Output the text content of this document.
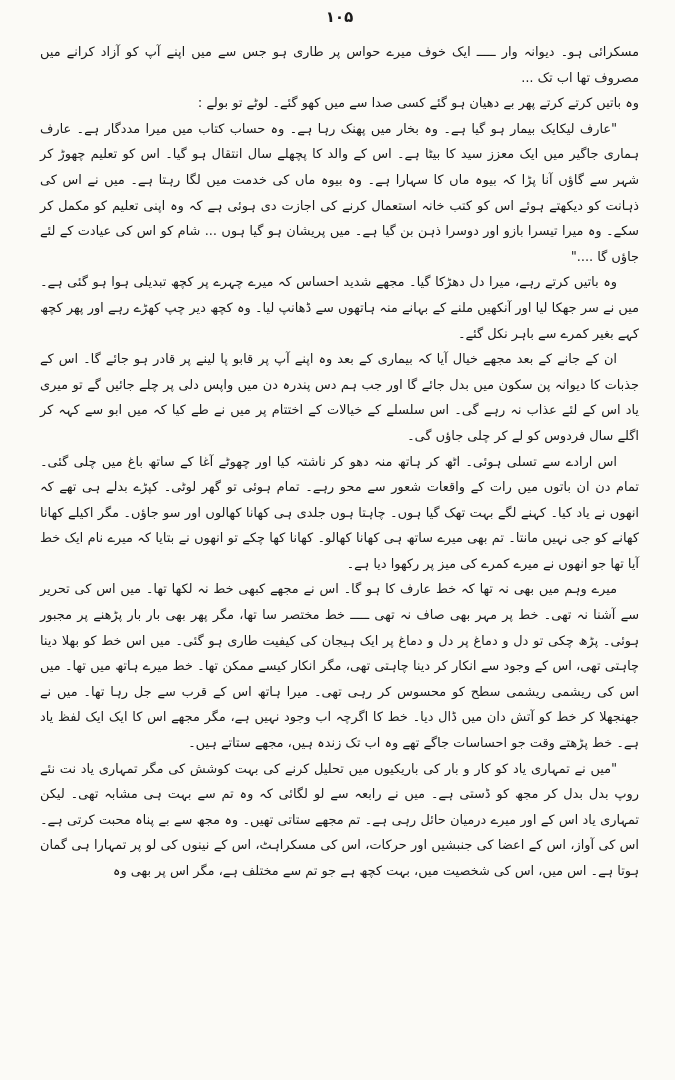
۱۰۵

مسکرائی ہو۔ دیوانہ وار ـــــ ایک خوف میرے حواس پر طاری ہو جس سے میں اپنے آپ کو آزاد کرانے میں مصروف تھا اب تک ...

وہ باتیں کرتے کرتے پھر بے دھیان ہو گئے کسی صدا سے میں کھو گئے۔ لوٹے تو بولے :

"عارف لیکایک بیمار ہو گیا ہے۔ وہ بخار میں پھنک رہا ہے۔ وہ حساب کتاب میں میرا مددگار ہے۔ عارف ہماری جاگیر میں ایک معزز سید کا بیٹا ہے۔ اس کے والد کا پچھلے سال انتقال ہو گیا۔ اس کو تعلیم چھوڑ کر شہر سے گاؤں آنا پڑا کہ بیوہ ماں کا سہارا ہے۔ وہ بیوہ ماں کی خدمت میں لگا رہتا ہے۔ میں نے اس کی ذہانت کو دیکھتے ہوئے اس کو کتب خانہ استعمال کرنے کی اجازت دی ہوئی ہے کہ وہ اپنی تعلیم کو مکمل کر سکے۔ وہ میرا تیسرا بازو اور دوسرا ذہن بن گیا ہے۔ میں پریشان ہو گیا ہوں ... شام کو اس کی عیادت کے لئے جاؤں گا ...."

وہ باتیں کرتے رہے، میرا دل دھڑکا گیا۔ مجھے شدید احساس کہ میرے چہرے پر کچھ تبدیلی ہوا ہو گئی ہے۔ میں نے سر جھکا لیا اور آنکھیں ملنے کے بہانے منہ ہاتھوں سے ڈھانپ لیا۔ وہ کچھ دیر چپ کھڑے رہے اور پھر کچھ کہے بغیر کمرے سے باہر نکل گئے۔

ان کے جانے کے بعد مجھے خیال آیا کہ بیماری کے بعد وہ اپنے آپ پر قابو پا لینے پر قادر ہو جائے گا۔ اس کے جذبات کا دیوانہ پن سکون میں بدل جائے گا اور جب ہم دس پندرہ دن میں واپس دلی پر چلے جائیں گے تو میری یاد اس کے لئے عذاب نہ رہے گی۔ اس سلسلے کے خیالات کے اختتام پر میں نے طے کیا کہ میں ابو سے کہہ کر اگلے سال فردوس کو لے کر چلی جاؤں گی۔

اس ارادے سے تسلی ہوئی۔ اٹھ کر ہاتھ منہ دھو کر ناشتہ کیا اور چھوٹے آغا کے ساتھ باغ میں چلی گئی۔ تمام دن ان باتوں میں رات کے واقعات شعور سے محو رہے۔ تمام ہوئی تو گھر لوٹی۔ کپڑے بدلے ہی تھے کہ انھوں نے یاد کیا۔ کہنے لگے بہت تھک گیا ہوں۔ چاہتا ہوں جلدی ہی کھانا کھالوں اور سو جاؤں۔ مگر اکیلے کھانا کھانے کو جی نہیں مانتا۔ تم بھی میرے ساتھ ہی کھانا کھالو۔ کھانا کھا چکے تو انھوں نے بتایا کہ میرے نام ایک خط آیا تھا جو انھوں نے میرے کمرے کی میز پر رکھوا دیا ہے۔

میرے وہم میں بھی نہ تھا کہ خط عارف کا ہو گا۔ اس نے مجھے کبھی خط نہ لکھا تھا۔ میں اس کی تحریر سے آشنا نہ تھی۔ خط پر مہر بھی صاف نہ تھی ـــــ خط مختصر سا تھا، مگر پھر بھی بار بار پڑھنے پر مجبور ہوئی۔ پڑھ چکی تو دل و دماغ پر دل و دماغ پر ایک ہیجان کی کیفیت طاری ہو گئی۔ میں اس خط کو بھلا دینا چاہتی تھی، اس کے وجود سے انکار کر دینا چاہتی تھی، مگر انکار کیسے ممکن تھا۔ خط میرے ہاتھ میں تھا۔ میں اس کی ریشمی ریشمی سطح کو محسوس کر رہی تھی۔ میرا ہاتھ اس کے قرب سے جل رہا تھا۔ میں نے جھنجھلا کر خط کو آتش دان میں ڈال دیا۔ خط کا اگرچہ اب وجود نہیں ہے، مگر مجھے اس کا ایک ایک لفظ یاد ہے۔ خط پڑھتے وقت جو احساسات جاگے تھے وہ اب تک زندہ ہیں، مجھے ستاتے ہیں۔

"میں نے تمہاری یاد کو کار و بار کی باریکیوں میں تحلیل کرنے کی بہت کوشش کی مگر تمہاری یاد نت نئے روپ بدل بدل کر مجھ کو ڈستی ہے۔ میں نے رابعہ سے لو لگائی کہ وہ تم سے بہت ہی مشابہ تھی۔ لیکن تمہاری یاد اس کے اور میرے درمیان حائل رہی ہے۔ تم مجھے ستاتی تھیں۔ وہ مجھ سے بے پناہ محبت کرتی ہے۔ اس کی آواز، اس کے اعضا کی جنبشیں اور حرکات، اس کی مسکراہٹ، اس کے نینوں کی لو پر تمہارا ہی گمان ہوتا ہے۔ اس میں، اس کی شخصیت میں، بہت کچھ ہے جو تم سے مختلف ہے، مگر اس پر بھی وہ
